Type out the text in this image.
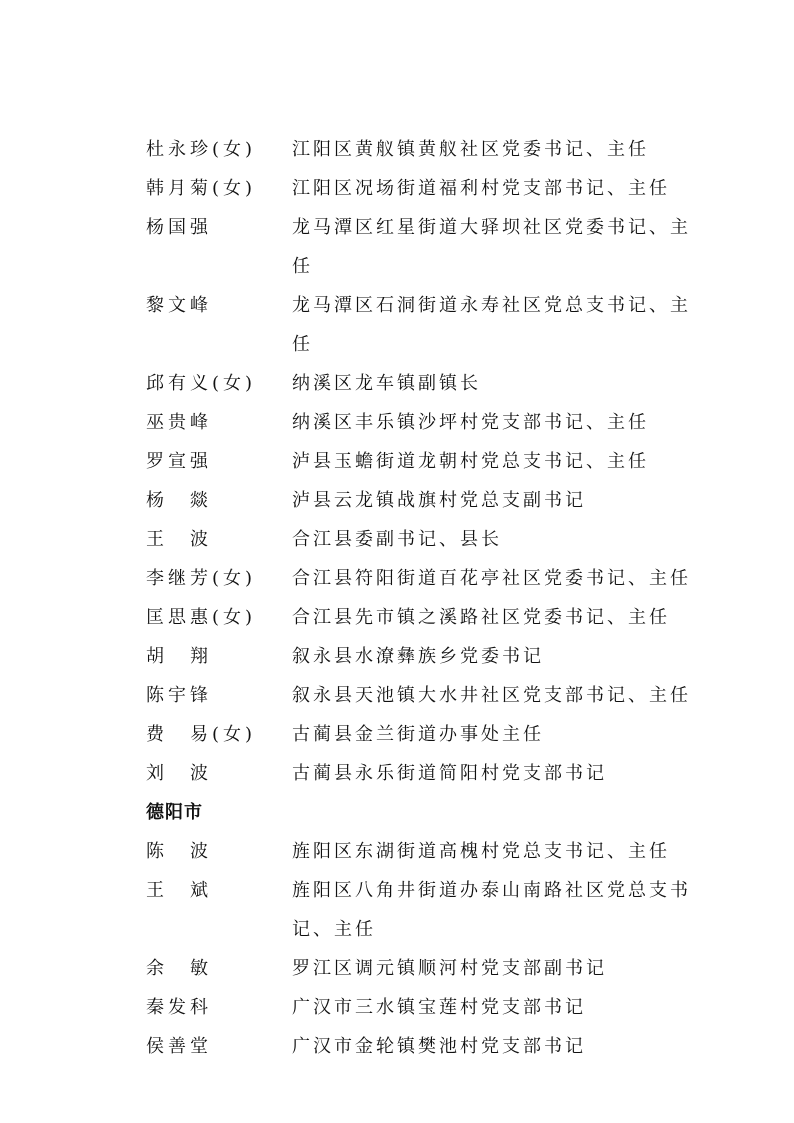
杜永珍(女)	江阳区黄舣镇黄舣社区党委书记、主任
韩月菊(女)	江阳区况场街道福利村党支部书记、主任
杨国强	龙马潭区红星街道大驿坝社区党委书记、主任
黎文峰	龙马潭区石洞街道永寿社区党总支书记、主任
邱有义(女)	纳溪区龙车镇副镇长
巫贵峰	纳溪区丰乐镇沙坪村党支部书记、主任
罗宣强	泸县玉蟾街道龙朝村党总支书记、主任
杨　燚	泸县云龙镇战旗村党总支副书记
王　波	合江县委副书记、县长
李继芳(女)	合江县符阳街道百花亭社区党委书记、主任
匡思惠(女)	合江县先市镇之溪路社区党委书记、主任
胡　翔	叙永县水潦彝族乡党委书记
陈宇锋	叙永县天池镇大水井社区党支部书记、主任
费　易(女)	古蔺县金兰街道办事处主任
刘　波	古蔺县永乐街道简阳村党支部书记
德阳市
陈　波	旌阳区东湖街道高槐村党总支书记、主任
王　斌	旌阳区八角井街道办泰山南路社区党总支书记、主任
余　敏	罗江区调元镇顺河村党支部副书记
秦发科	广汉市三水镇宝莲村党支部书记
侯善堂	广汉市金轮镇樊池村党支部书记
